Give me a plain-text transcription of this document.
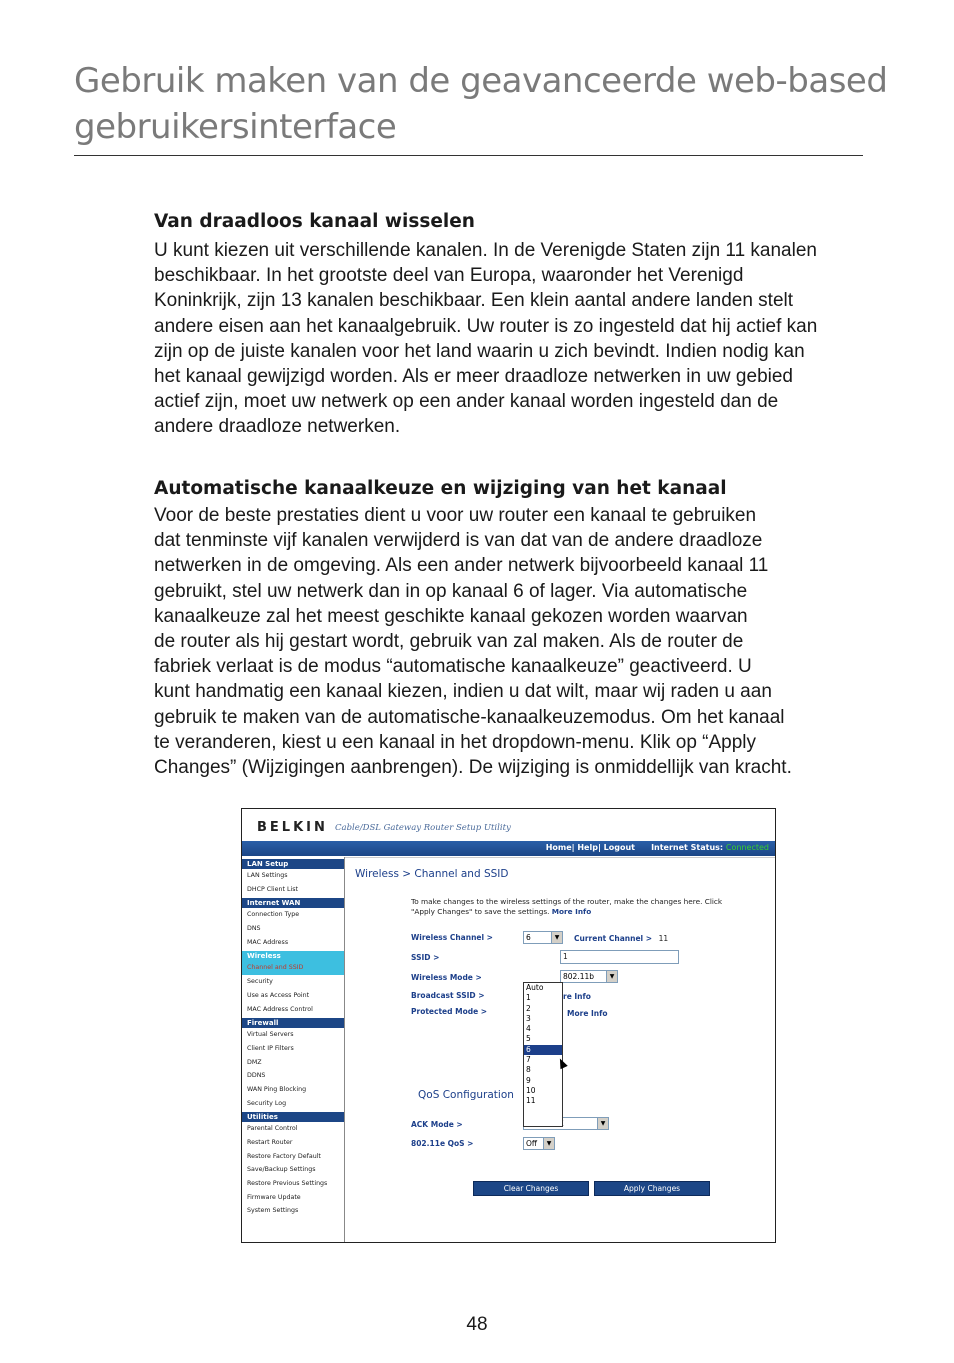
Gebruik maken van de geavanceerde web-based
gebruikersinterface
Van draadloos kanaal wisselen

U kunt kiezen uit verschillende kanalen. In de Verenigde Staten zijn 11 kanalen
beschikbaar. In het grootste deel van Europa, waaronder het Verenigd
Koninkrijk, zijn 13 kanalen beschikbaar. Een klein aantal andere landen stelt
andere eisen aan het kanaalgebruik. Uw router is zo ingesteld dat hij actief kan
zijn op de juiste kanalen voor het land waarin u zich bevindt. Indien nodig kan
het kanaal gewijzigd worden. Als er meer draadloze netwerken in uw gebied
actief zijn, moet uw netwerk op een ander kanaal worden ingesteld dan de
andere draadloze netwerken.

Automatische kanaalkeuze en wijziging van het kanaal

Voor de beste prestaties dient u voor uw router een kanaal te gebruiken
dat tenminste vijf kanalen verwijderd is van dat van de andere draadloze
netwerken in de omgeving. Als een ander netwerk bijvoorbeeld kanaal 11
gebruikt, stel uw netwerk dan in op kanaal 6 of lager. Via automatische
kanaalkeuze zal het meest geschikte kanaal gekozen worden waarvan
de router als hij gestart wordt, gebruik van zal maken. Als de router de
fabriek verlaat is de modus “automatische kanaalkeuze” geactiveerd. U
kunt handmatig een kanaal kiezen, indien u dat wilt, maar wij raden u aan
gebruik te maken van de automatische-kanaalkeuzemodus. Om het kanaal
te veranderen, kiest u een kanaal in het dropdown-menu. Klik op “Apply
Changes” (Wijzigingen aanbrengen). De wijziging is onmiddellijk van kracht.

BELKIN Cable/DSL Gateway Router Setup Utility
Home| Help| Logout Internet Status: Connected
LAN Setup
LAN Settings
DHCP Client List
Internet WAN
Connection Type
DNS
MAC Address
Wireless
Channel and SSID
Security
Use as Access Point
MAC Address Control
Firewall
Virtual Servers
Client IP Filters
DMZ
DDNS
WAN Ping Blocking
Security Log
Utilities
Parental Control
Restart Router
Restore Factory Default
Save/Backup Settings
Restore Previous Settings
Firmware Update
System Settings
Wireless > Channel and SSID
To make changes to the wireless settings of the router, make the changes here. Click
"Apply Changes" to save the settings. More Info
Wireless Channel >	6	▼	Current Channel > 11
SSID >	1
Wireless Mode >	802.11b	▼
Broadcast SSID >	re Info
Protected Mode >	More Info
QoS Configuration
ACK Mode >	▼
802.11e QoS >	Off	▼
Auto
1
2
3
4
5
6
7
8
9
10
11
Clear Changes	Apply Changes

48
